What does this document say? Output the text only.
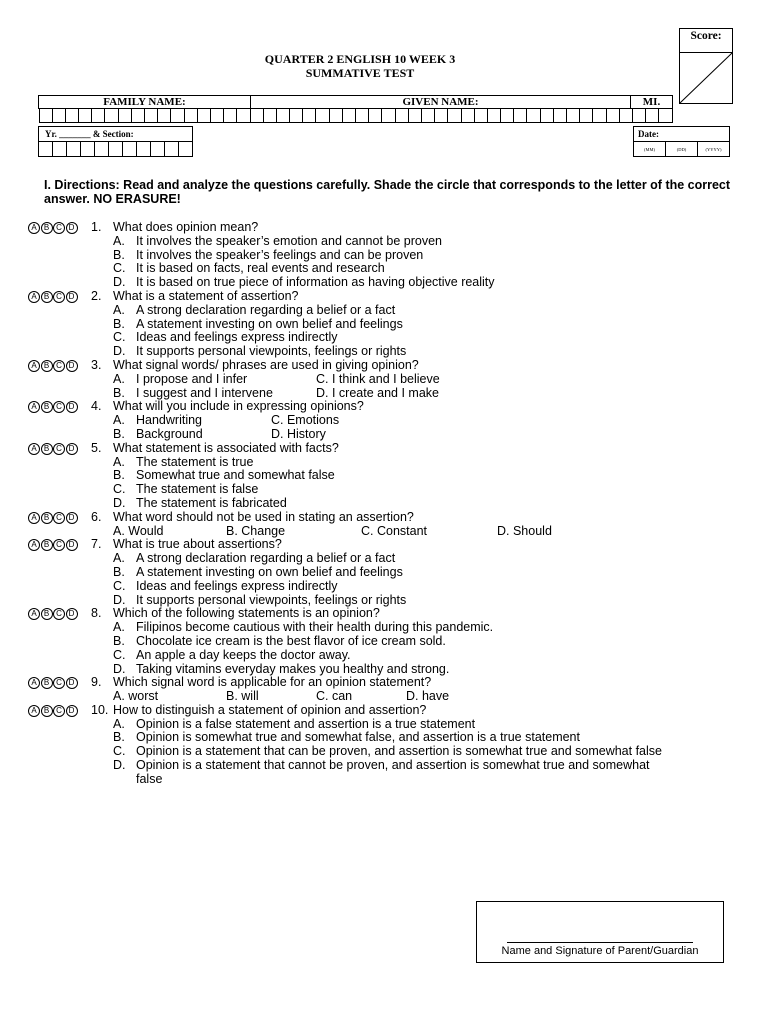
Score:
QUARTER 2 ENGLISH 10 WEEK 3
SUMMATIVE TEST
FAMILY NAME:	GIVEN NAME:	MI.

Yr. _______ & Section:
											Date:
(MM)	(DD)	(YYYY)
I. Directions: Read and analyze the questions carefully. Shade the circle that corresponds to the letter of the correct answer. NO ERASURE!
A B C D 1. What does opinion mean?
A. It involves the speaker’s emotion and cannot be proven
B. It involves the speaker’s feelings and can be proven
C. It is based on facts, real events and research
D. It is based on true piece of information as having objective reality
A B C D 2. What is a statement of assertion?
A. A strong declaration regarding a belief or a fact
B. A statement investing on own belief and feelings
C. Ideas and feelings express indirectly
D. It supports personal viewpoints, feelings or rights
A B C D 3. What signal words/ phrases are used in giving opinion?
A. I propose and I infer	C. I think and I believe
B. I suggest and I intervene	D. I create and I make
A B C D 4. What will you include in expressing opinions?
A. Handwriting	C. Emotions
B. Background	D. History
A B C D 5. What statement is associated with facts?
A. The statement is true
B. Somewhat true and somewhat false
C. The statement is false
D. The statement is fabricated
A B C D 6. What word should not be used in stating an assertion?
A. Would	B. Change	C. Constant	D. Should
A B C D 7. What is true about assertions?
A. A strong declaration regarding a belief or a fact
B. A statement investing on own belief and feelings
C. Ideas and feelings express indirectly
D. It supports personal viewpoints, feelings or rights
A B C D 8. Which of the following statements is an opinion?
A. Filipinos become cautious with their health during this pandemic.
B. Chocolate ice cream is the best flavor of ice cream sold.
C. An apple a day keeps the doctor away.
D. Taking vitamins everyday makes you healthy and strong.
A B C D 9. Which signal word is applicable for an opinion statement?
A. worst	B. will	C. can	D. have
A B C D 10. How to distinguish a statement of opinion and assertion?
A. Opinion is a false statement and assertion is a true statement
B. Opinion is somewhat true and somewhat false, and assertion is a true statement
C. Opinion is a statement that can be proven, and assertion is somewhat true and somewhat false
D. Opinion is a statement that cannot be proven, and assertion is somewhat true and somewhat
false
Name and Signature of Parent/Guardian
